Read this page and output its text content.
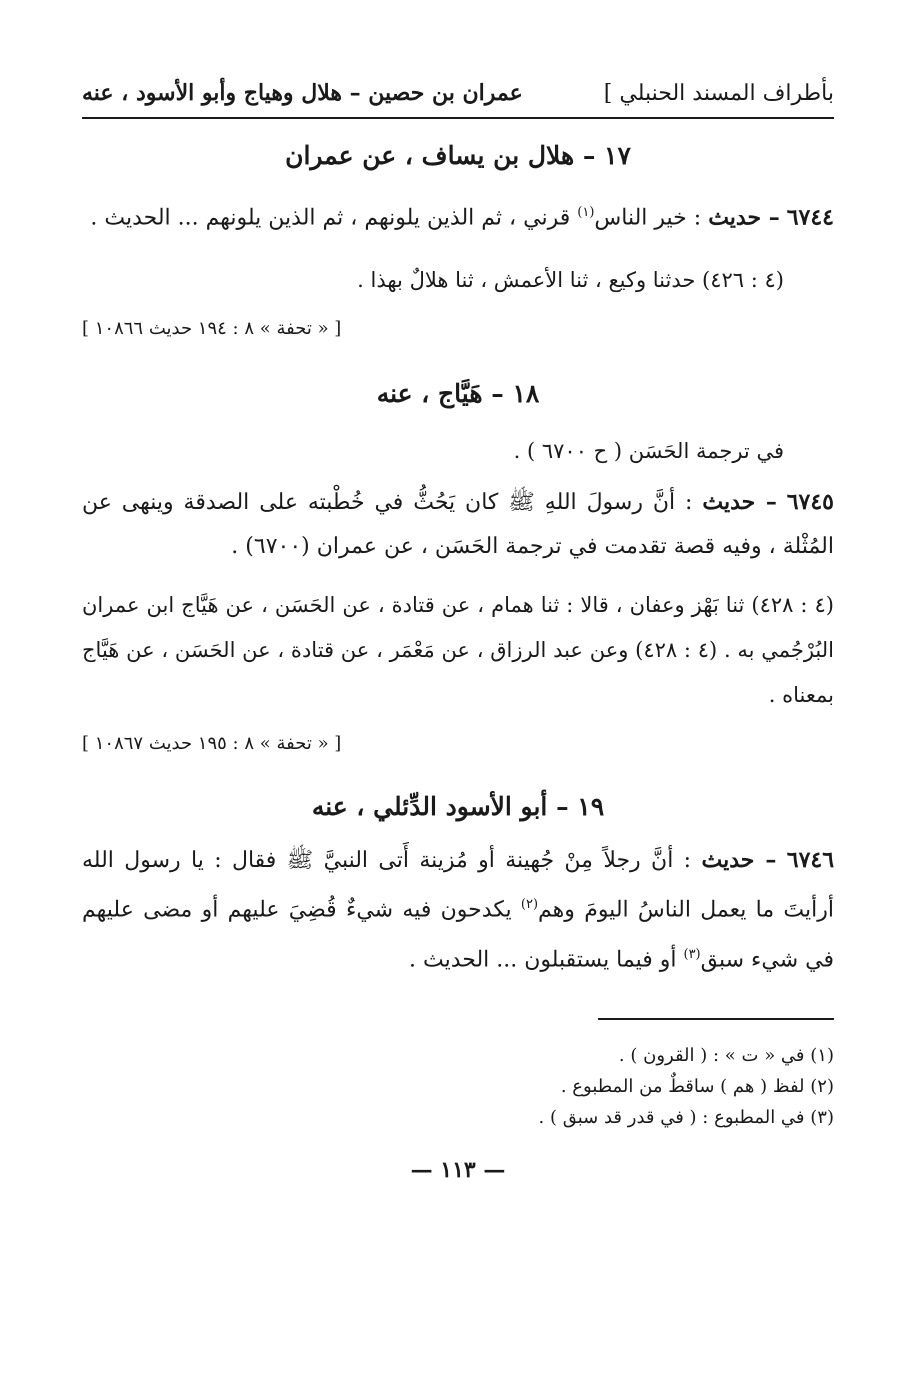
بأطراف المسند الحنبلي ]
عمران بن حصين – هلال وهياج وأبو الأسود ، عنه
١٧ – هلال بن يساف ، عن عمران

٦٧٤٤ – حديث : خير الناس$^{(١)}$ قرني ، ثم الذين يلونهم ، ثم الذين يلونهم ... الحديث .

(٤ : ٤٢٦) حدثنا وكيع ، ثنا الأعمش ، ثنا هلالٌ بهذا .

[ « تحفة » ٨ : ١٩٤ حديث ١٠٨٦٦ ]
١٨ – هَيَّاج ، عنه

في ترجمة الحَسَن ( ح ٦٧٠٠ ) .

٦٧٤٥ – حديث : أنَّ رسولَ اللهِ ﷺ كان يَحُثُّ في خُطْبته على الصدقة وينهى عن المُثْلة ، وفيه قصة تقدمت في ترجمة الحَسَن ، عن عمران (٦٧٠٠) .

(٤ : ٤٢٨) ثنا بَهْز وعفان ، قالا : ثنا همام ، عن قتادة ، عن الحَسَن ، عن هَيَّاج ابن عمران البُرْجُمي به . (٤ : ٤٢٨) وعن عبد الرزاق ، عن مَعْمَر ، عن قتادة ، عن الحَسَن ، عن هَيَّاج بمعناه .

[ « تحفة » ٨ : ١٩٥ حديث ١٠٨٦٧ ]
١٩ – أبو الأسود الدِّئلي ، عنه

٦٧٤٦ – حديث : أنَّ رجلاً مِنْ جُهينة أو مُزينة أَتى النبيَّ ﷺ فقال : يا رسول الله أرأيتَ ما يعمل الناسُ اليومَ وهم$^{(٢)}$ يكدحون فيه شيءٌ قُضِيَ عليهم أو مضى عليهم في شيء سبق$^{(٣)}$ أو فيما يستقبلون ... الحديث .

(١) في « ت » : ( القرون ) .

(٢) لفظ ( هم ) ساقطٌ من المطبوع .

(٣) في المطبوع : ( في قدر قد سبق ) .

— ١١٣ —
